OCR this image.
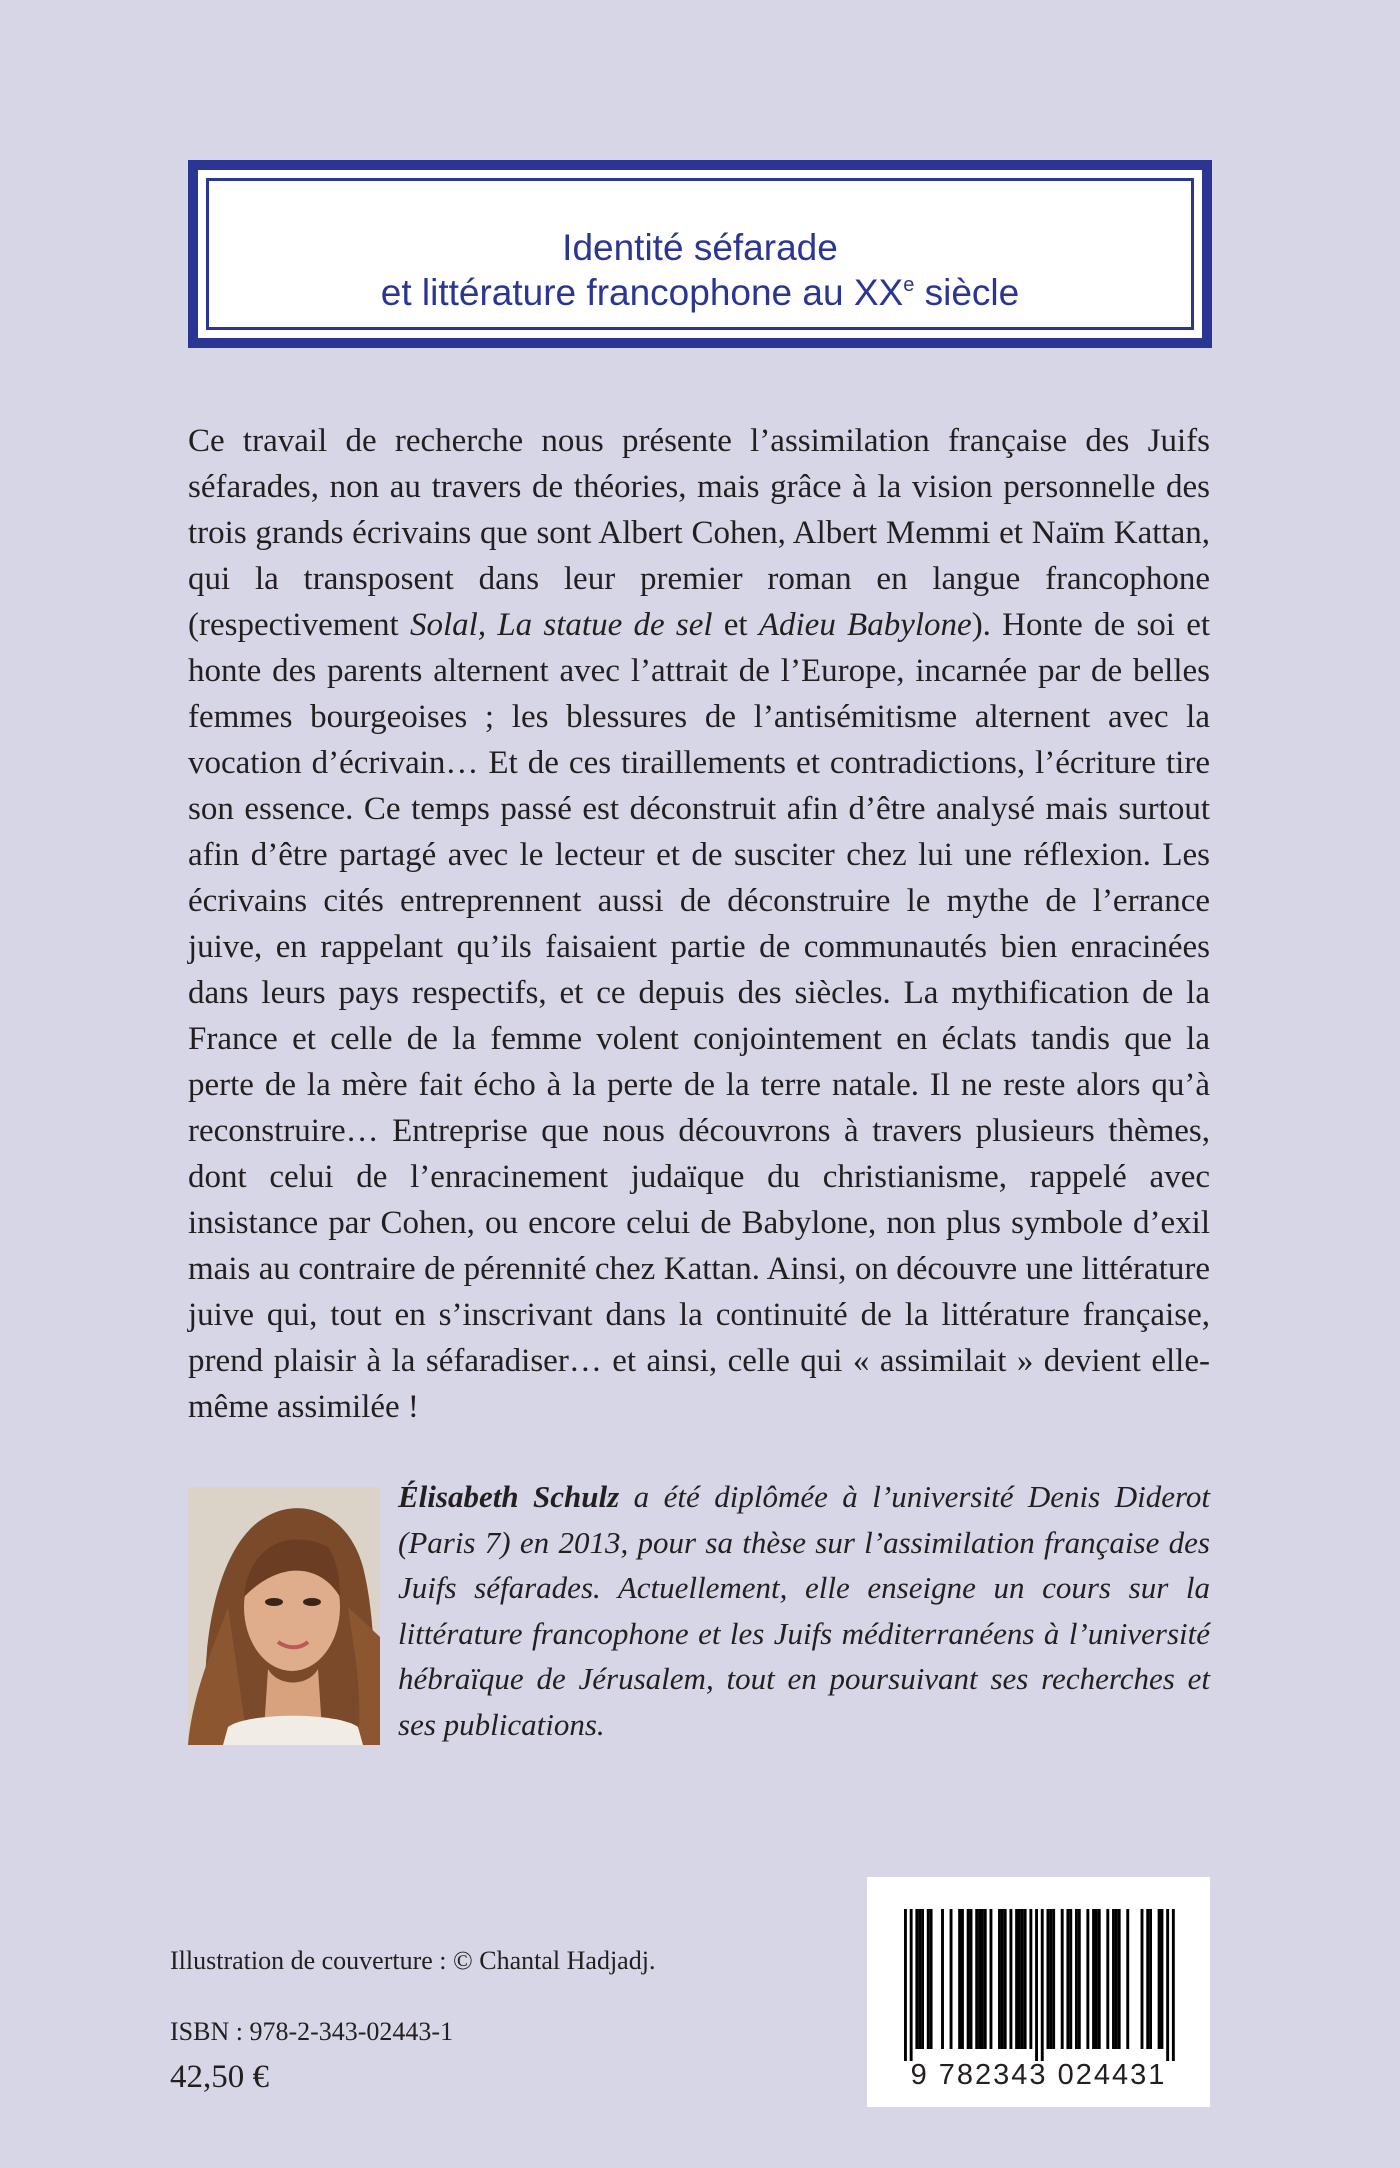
Identité séfarade
et littérature francophone au XXe siècle

Ce travail de recherche nous présente l’assimilation française des Juifs séfarades, non au travers de théories, mais grâce à la vision personnelle des trois grands écrivains que sont Albert Cohen, Albert Memmi et Naïm Kattan, qui la transposent dans leur premier roman en langue francophone (respectivement Solal, La statue de sel et Adieu Babylone). Honte de soi et honte des parents alternent avec l’attrait de l’Europe, incarnée par de belles femmes bourgeoises ; les blessures de l’antisémitisme alternent avec la vocation d’écrivain… Et de ces tiraillements et contradictions, l’écriture tire son essence. Ce temps passé est déconstruit afin d’être analysé mais surtout afin d’être partagé avec le lecteur et de susciter chez lui une réflexion. Les écrivains cités entreprennent aussi de déconstruire le mythe de l’errance juive, en rappelant qu’ils faisaient partie de communautés bien enracinées dans leurs pays respectifs, et ce depuis des siècles. La mythification de la France et celle de la femme volent conjointement en éclats tandis que la perte de la mère fait écho à la perte de la terre natale. Il ne reste alors qu’à reconstruire… Entreprise que nous découvrons à travers plusieurs thèmes, dont celui de l’enracinement judaïque du christianisme, rappelé avec insistance par Cohen, ou encore celui de Babylone, non plus symbole d’exil mais au contraire de pérennité chez Kattan. Ainsi, on découvre une littérature juive qui, tout en s’inscrivant dans la continuité de la littérature française, prend plaisir à la séfaradiser… et ainsi, celle qui « assimilait » devient elle-même assimilée !

Élisabeth Schulz a été diplômée à l’université Denis Diderot (Paris 7) en 2013, pour sa thèse sur l’assimilation française des Juifs séfarades. Actuellement, elle enseigne un cours sur la littérature francophone et les Juifs méditerranéens à l’université hébraïque de Jérusalem, tout en poursuivant ses recherches et ses publications.
Illustration de couverture : © Chantal Hadjadj.
ISBN : 978-2-343-02443-1
42,50 €	9 782343 024431
